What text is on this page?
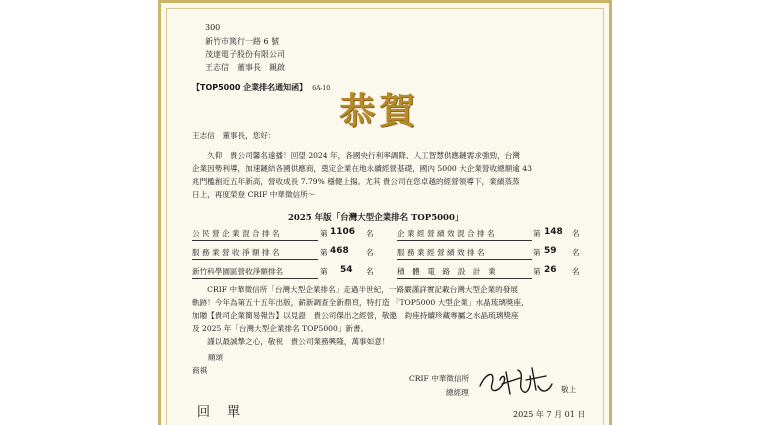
300
新竹市篤行一路 6 號
茂達電子股份有限公司
王志信　董事長　親啟
【TOP5000 企業排名通知函】 6A-10
恭賀
王志信　董事長，您好：
　　久仰　貴公司馨名遠播！回望 2024 年，各國央行利率調降、人工智慧供應鏈需求強勁，台灣
企業因勢利導，加速鏈結各國供應商，奠定企業在地永續經營基礎，國內 5000 大企業營收總額逾 43
兆門檻創近五年新高，營收成長 7.79% 穩健上揚。尤其 貴公司在您卓越的經營領導下，業績蒸蒸
日上，再度榮登 CRIF 中華徵信所～
2025 年版「台灣大型企業排名 TOP5000」
公 民 營 企 業 混 合 排 名	第 1106 名	企 業 經 營 績 效 混 合 排 名	第 148 名
服 務 業 營 收 淨 額 排 名	第 468 名	服 務 業 經 營 績 效 排 名	第 59 名
新竹科學園區營收淨額排名	第 54 名	積　體　電　路　設　計　業	第 26 名
　　CRIF 中華徵信所「台灣大型企業排名」走過半世紀，一路嚴謹詳實記載台灣大型企業的發展
軌跡！今年為第五十五年出版，薪新調查全新鼎頁，特打造 「TOP5000 大型企業」水晶琉璃獎座，
加贈【貴司企業簡易報告】以見證　貴公司傑出之經營，敬邀　鈞座持續珍藏專屬之水晶琉璃獎座
及 2025 年「台灣大型企業排名 TOP5000」新書。
　　謹以最誠摯之心，敬祝　貴公司業務興隆，萬事如意！
順頌
商祺
CRIF 中華徵信所
總經理	敬上
2025 年 7 月 01 日
回　單
